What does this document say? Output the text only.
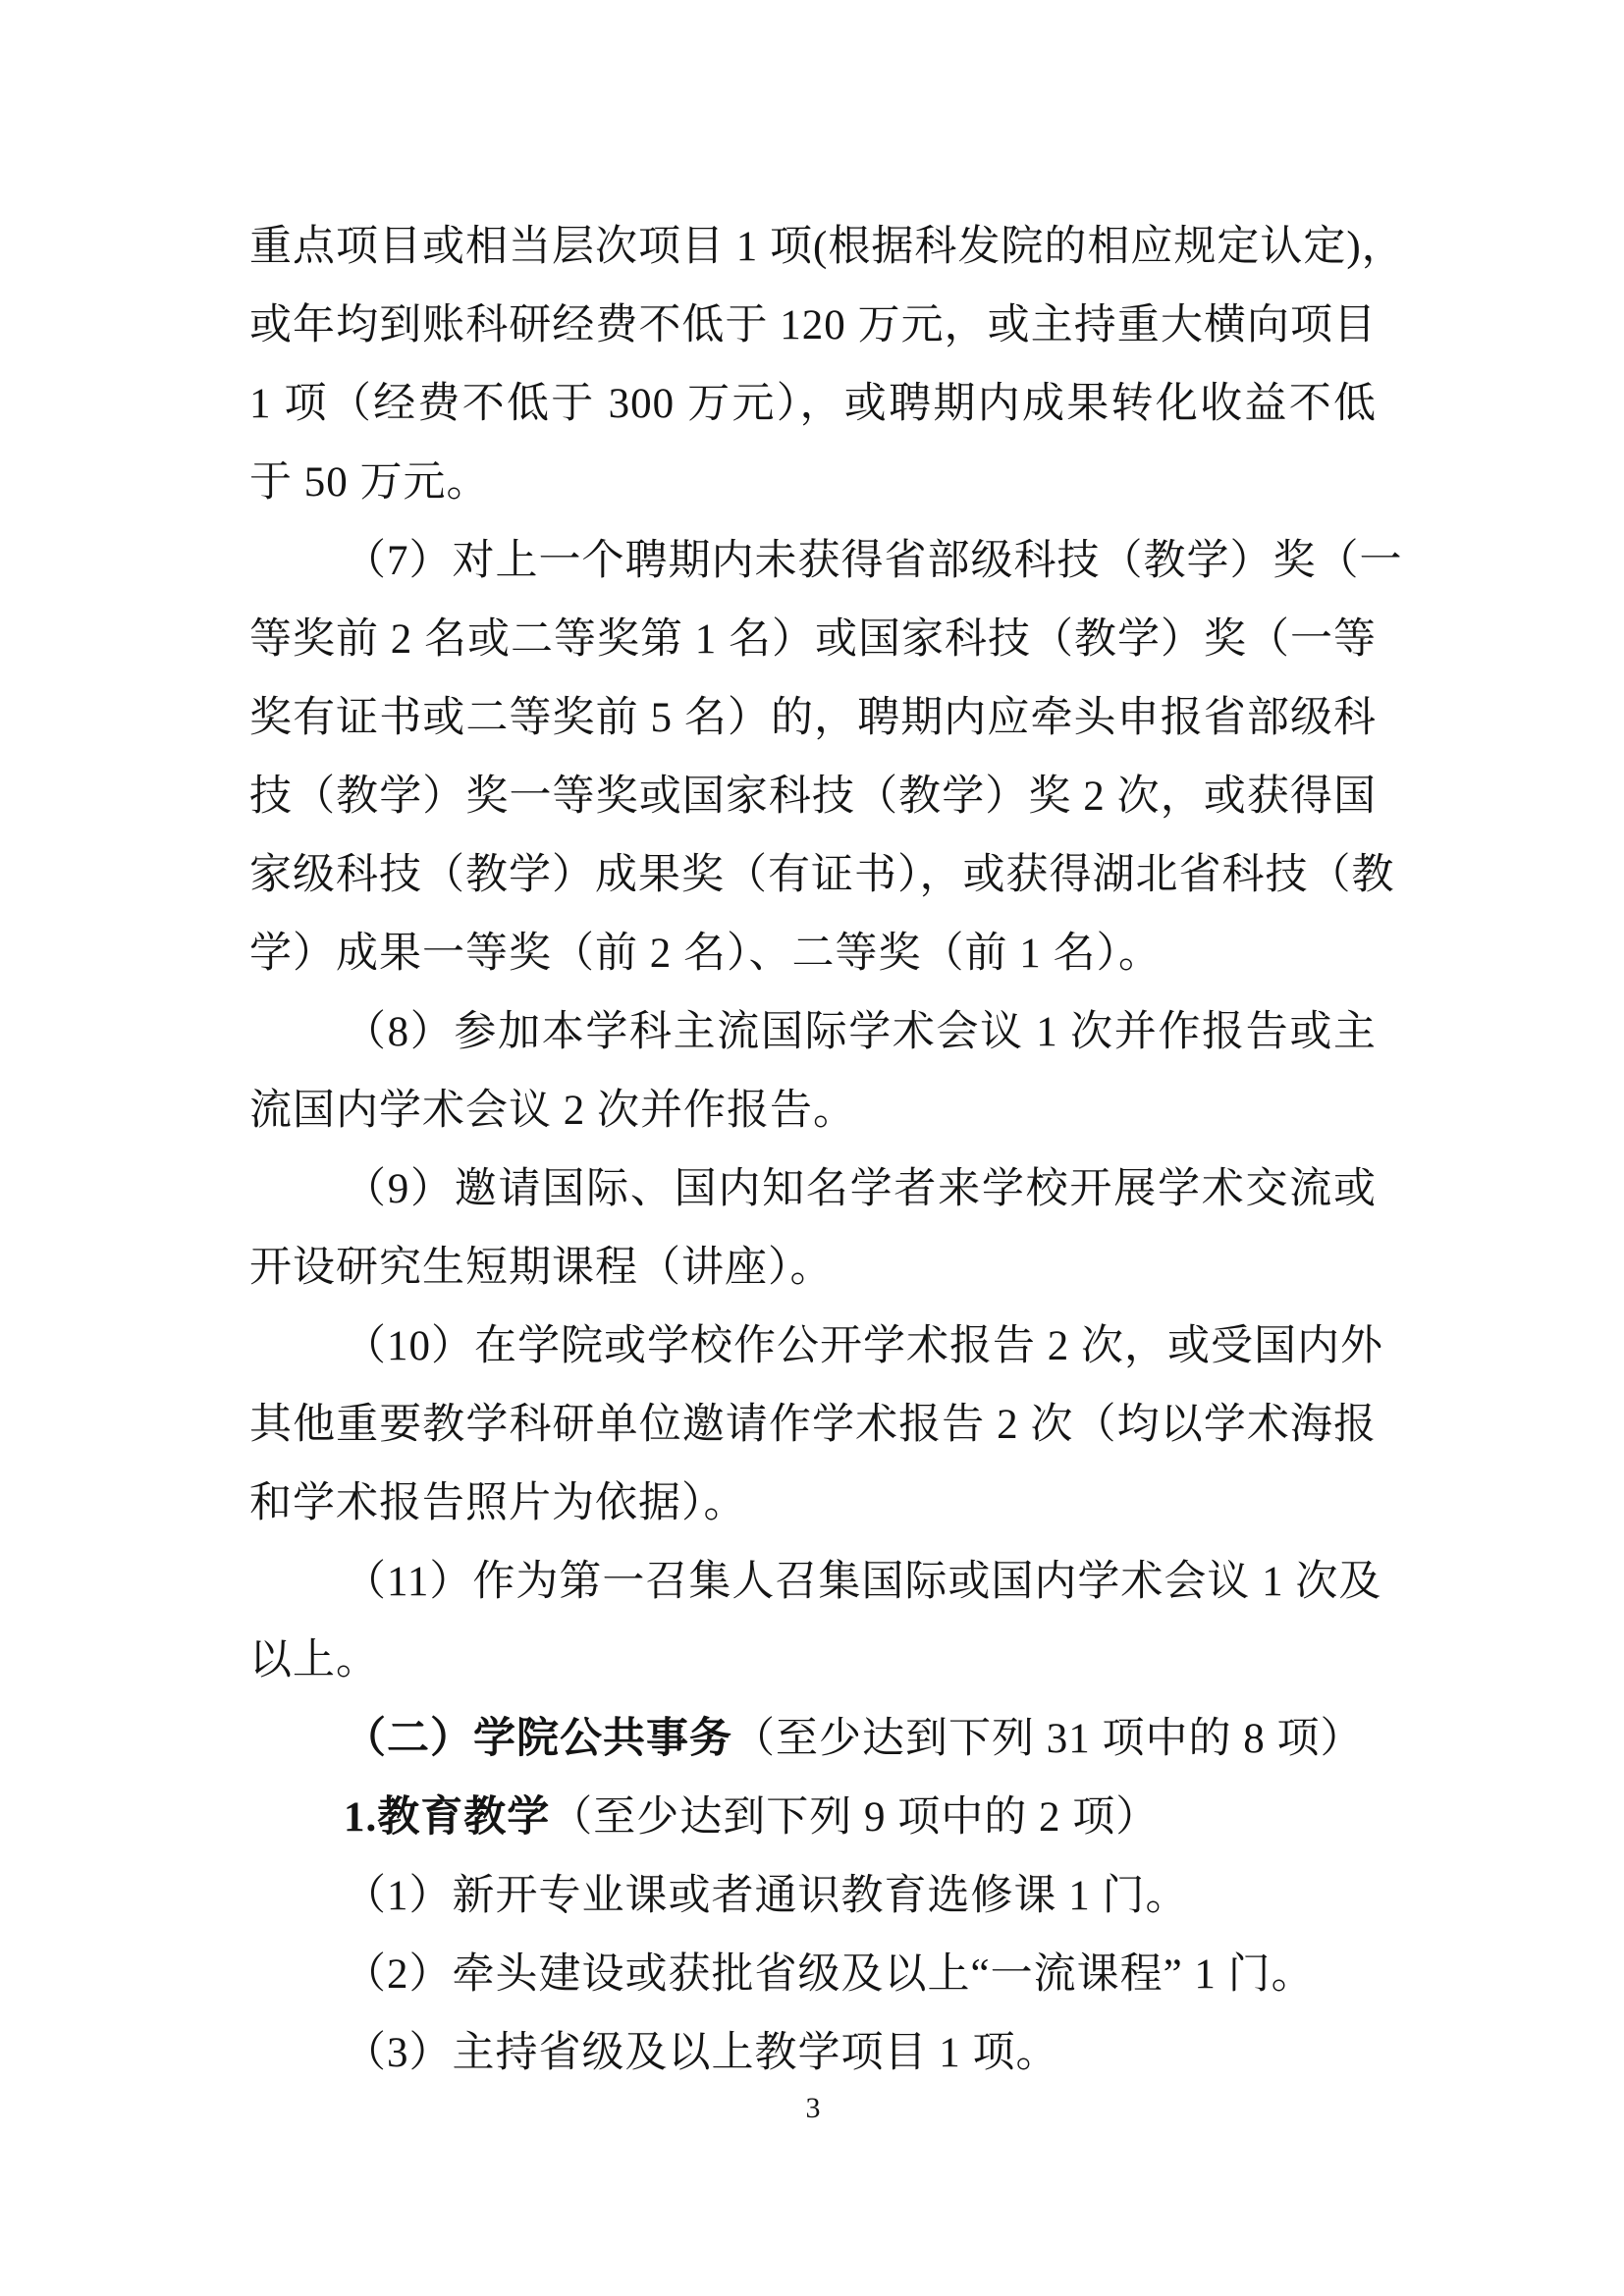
重点项目或相当层次项目 1 项(根据科发院的相应规定认定)，
或年均到账科研经费不低于 120 万元，或主持重大横向项目
1 项（经费不低于 300 万元），或聘期内成果转化收益不低
于 50 万元。
（7）对上一个聘期内未获得省部级科技（教学）奖（一
等奖前 2 名或二等奖第 1 名）或国家科技（教学）奖（一等
奖有证书或二等奖前 5 名）的，聘期内应牵头申报省部级科
技（教学）奖一等奖或国家科技（教学）奖 2 次，或获得国
家级科技（教学）成果奖（有证书），或获得湖北省科技（教
学）成果一等奖（前 2 名）、二等奖（前 1 名）。
（8）参加本学科主流国际学术会议 1 次并作报告或主
流国内学术会议 2 次并作报告。
（9）邀请国际、国内知名学者来学校开展学术交流或
开设研究生短期课程（讲座）。
（10）在学院或学校作公开学术报告 2 次，或受国内外
其他重要教学科研单位邀请作学术报告 2 次（均以学术海报
和学术报告照片为依据）。
（11）作为第一召集人召集国际或国内学术会议 1 次及
以上。
（二）学院公共事务（至少达到下列 31 项中的 8 项）
1.教育教学（至少达到下列 9 项中的 2 项）
（1）新开专业课或者通识教育选修课 1 门。
（2）牵头建设或获批省级及以上“一流课程” 1 门。
（3）主持省级及以上教学项目 1 项。
3
